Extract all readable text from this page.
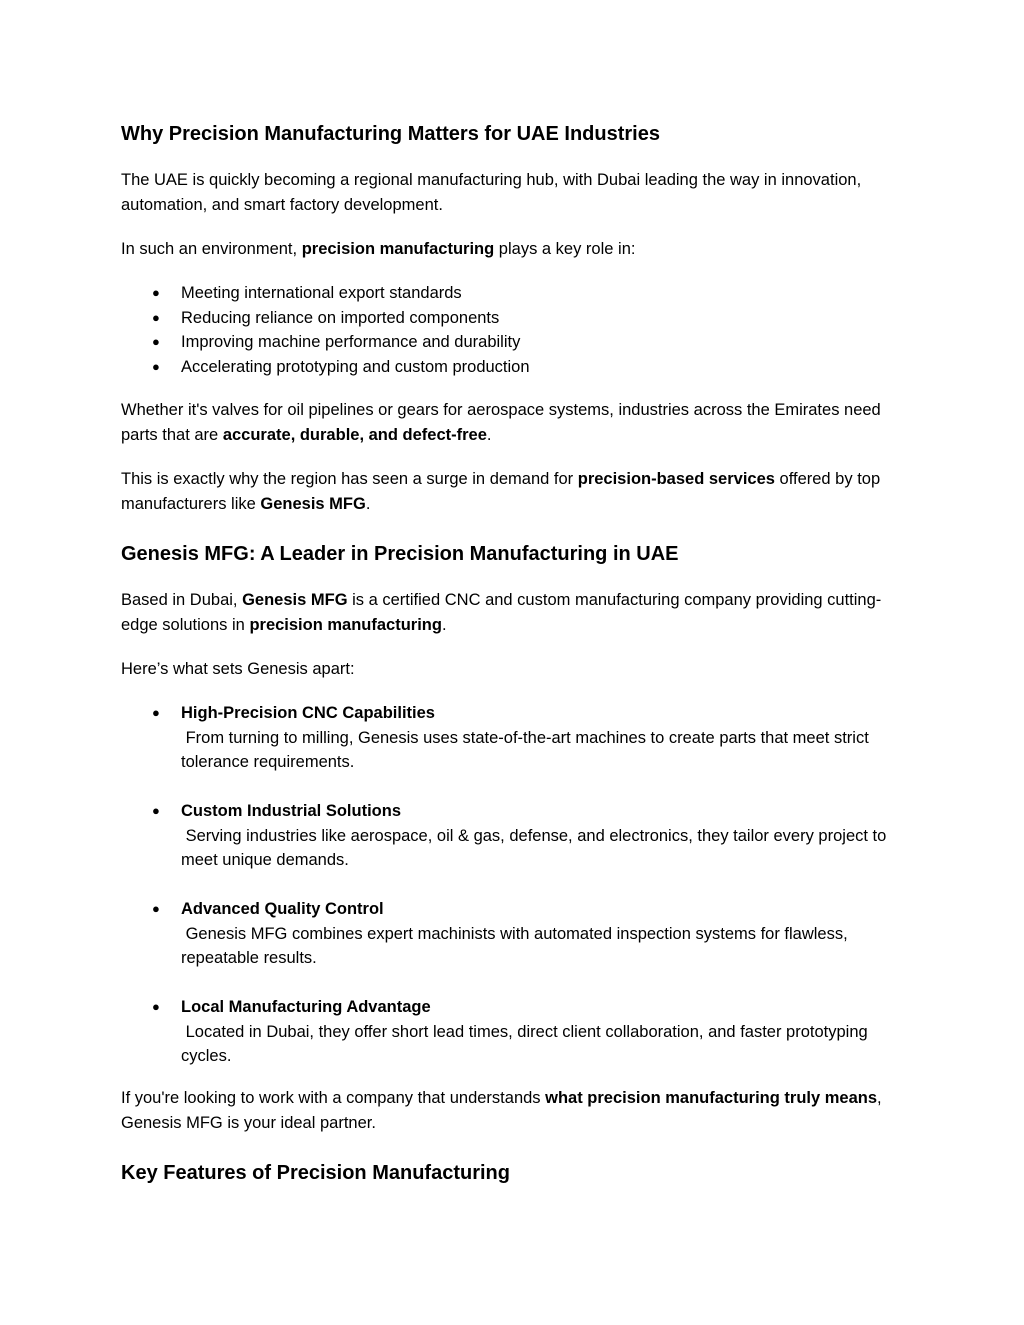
Why Precision Manufacturing Matters for UAE Industries

The UAE is quickly becoming a regional manufacturing hub, with Dubai leading the way in innovation, automation, and smart factory development.

In such an environment, precision manufacturing plays a key role in:

● Meeting international export standards
● Reducing reliance on imported components
● Improving machine performance and durability
● Accelerating prototyping and custom production

Whether it's valves for oil pipelines or gears for aerospace systems, industries across the Emirates need parts that are accurate, durable, and defect-free.

This is exactly why the region has seen a surge in demand for precision-based services offered by top manufacturers like Genesis MFG.

Genesis MFG: A Leader in Precision Manufacturing in UAE

Based in Dubai, Genesis MFG is a certified CNC and custom manufacturing company providing cutting-edge solutions in precision manufacturing.

Here’s what sets Genesis apart:

● High-Precision CNC Capabilities
From turning to milling, Genesis uses state-of-the-art machines to create parts that meet strict tolerance requirements.
● Custom Industrial Solutions
Serving industries like aerospace, oil & gas, defense, and electronics, they tailor every project to meet unique demands.
● Advanced Quality Control
Genesis MFG combines expert machinists with automated inspection systems for flawless, repeatable results.
● Local Manufacturing Advantage
Located in Dubai, they offer short lead times, direct client collaboration, and faster prototyping cycles.

If you're looking to work with a company that understands what precision manufacturing truly means, Genesis MFG is your ideal partner.

Key Features of Precision Manufacturing
